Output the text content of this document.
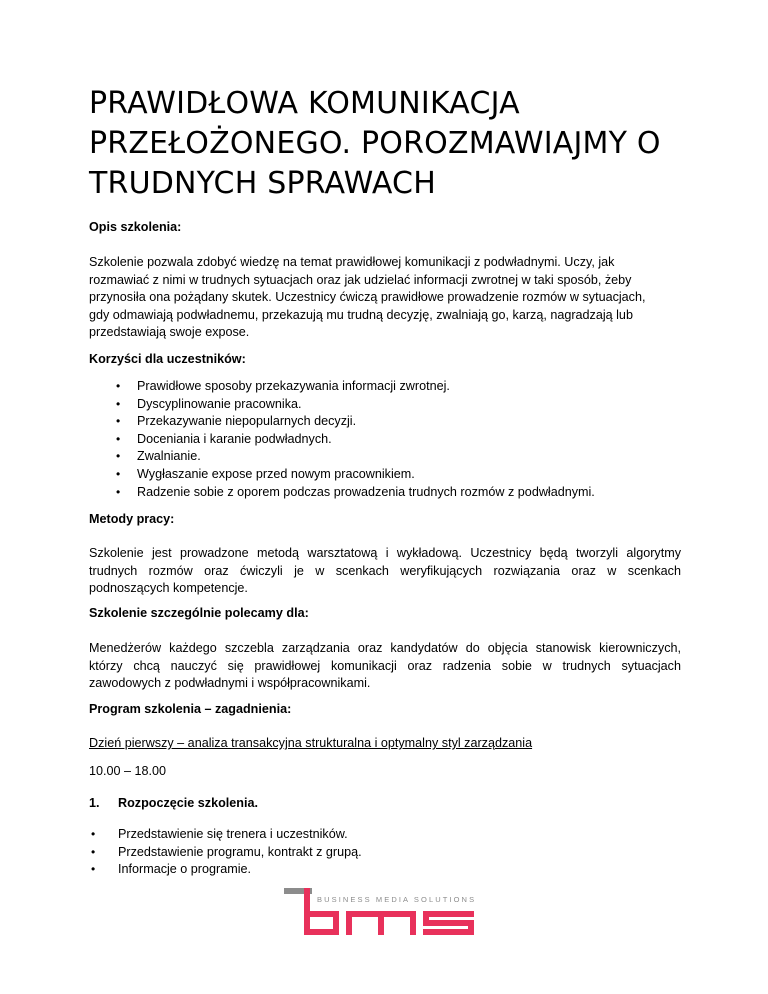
PRAWIDŁOWA KOMUNIKACJA
PRZEŁOŻONEGO. POROZMAWIAJMY O
TRUDNYCH SPRAWACH
Opis szkolenia:
Szkolenie pozwala zdobyć wiedzę na temat prawidłowej komunikacji z podwładnymi. Uczy, jak
rozmawiać z nimi w trudnych sytuacjach oraz jak udzielać informacji zwrotnej w taki sposób, żeby
przynosiła ona pożądany skutek. Uczestnicy ćwiczą prawidłowe prowadzenie rozmów w sytuacjach,
gdy odmawiają podwładnemu, przekazują mu trudną decyzję, zwalniają go, karzą, nagradzają lub
przedstawiają swoje expose.
Korzyści dla uczestników:
• Prawidłowe sposoby przekazywania informacji zwrotnej.
• Dyscyplinowanie pracownika.
• Przekazywanie niepopularnych decyzji.
• Doceniania i karanie podwładnych.
• Zwalnianie.
• Wygłaszanie expose przed nowym pracownikiem.
• Radzenie sobie z oporem podczas prowadzenia trudnych rozmów z podwładnymi.
Metody pracy:
Szkolenie jest prowadzone metodą warsztatową i wykładową. Uczestnicy będą tworzyli algorytmy
trudnych rozmów oraz ćwiczyli je w scenkach weryfikujących rozwiązania oraz w scenkach
podnoszących kompetencje.
Szkolenie szczególnie polecamy dla:
Menedżerów każdego szczebla zarządzania oraz kandydatów do objęcia stanowisk kierowniczych,
którzy chcą nauczyć się prawidłowej komunikacji oraz radzenia sobie w trudnych sytuacjach
zawodowych z podwładnymi i współpracownikami.
Program szkolenia – zagadnienia:
Dzień pierwszy – analiza transakcyjna strukturalna i optymalny styl zarządzania
10.00 – 18.00
1. Rozpoczęcie szkolenia.
• Przedstawienie się trenera i uczestników.
• Przedstawienie programu, kontrakt z grupą.
• Informacje o programie.
BUSINESS MEDIA SOLUTIONS
